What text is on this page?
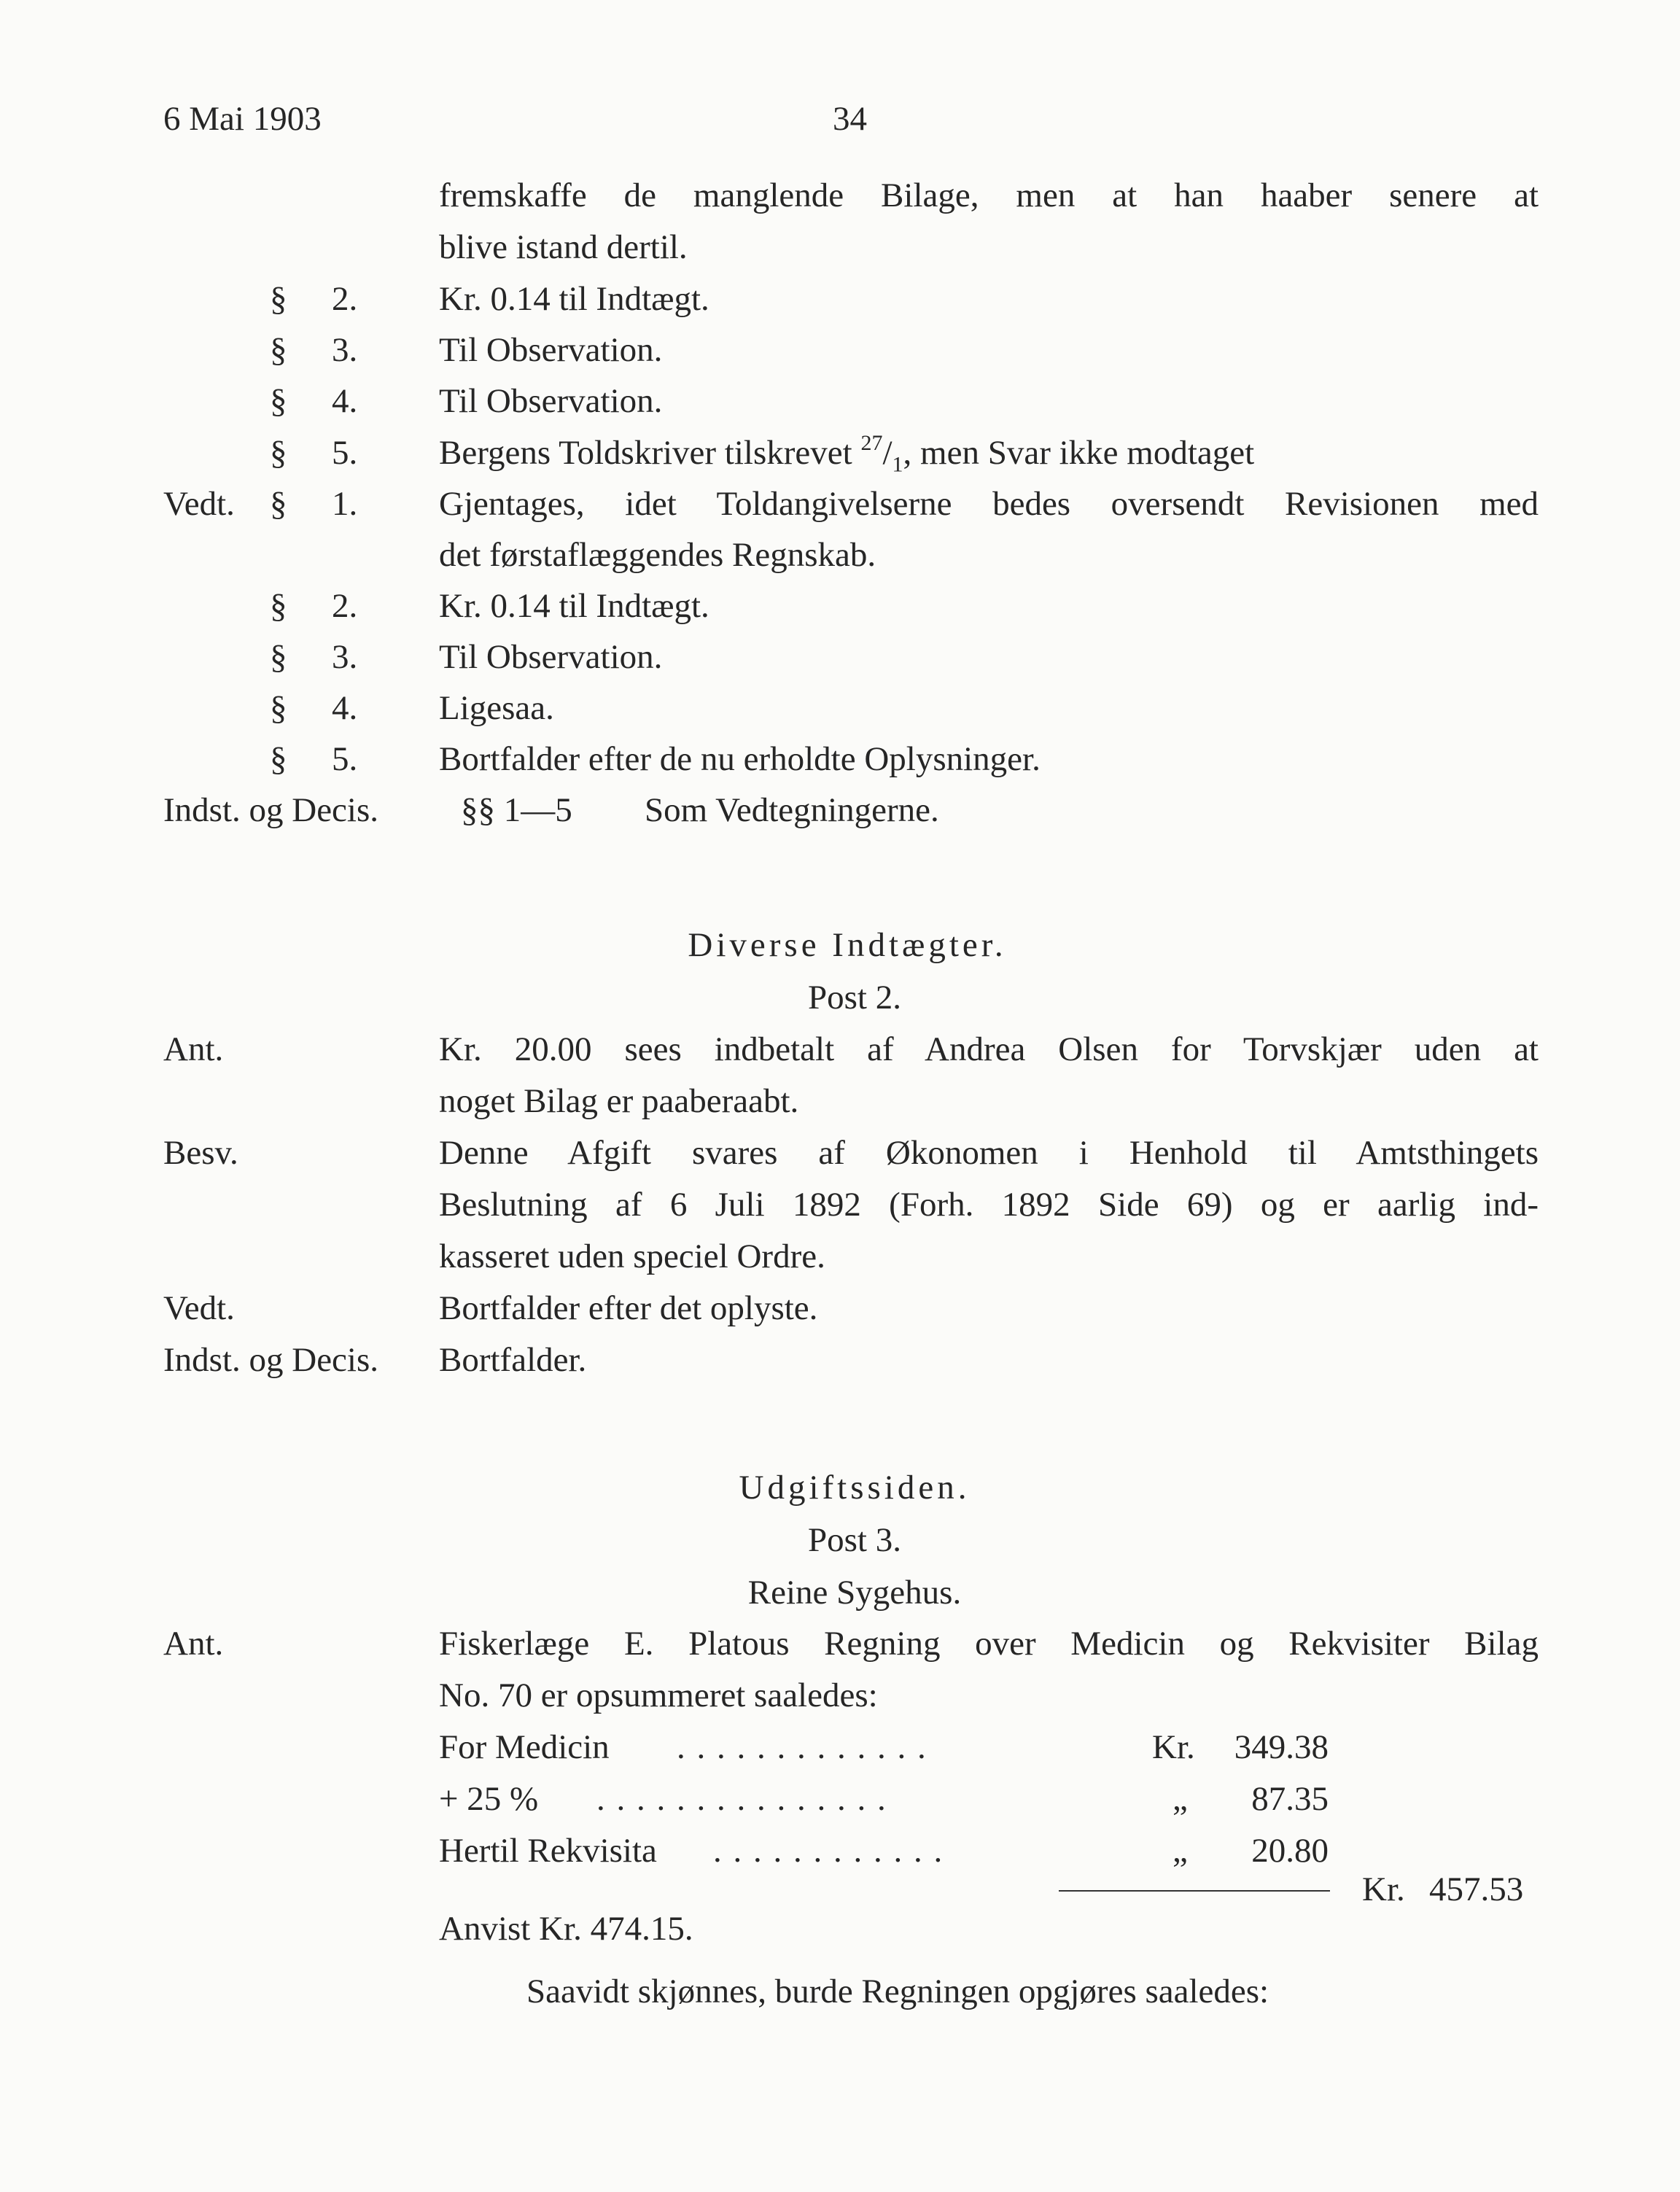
6 Mai 1903	34
fremskaffe de manglende Bilage, men at han haaber senere at
blive istand dertil.
§ 2. Kr. 0.14 til Indtægt.
§ 3. Til Observation.
§ 4. Til Observation.
§ 5. Bergens Toldskriver tilskrevet $^{27}/_1$, men Svar ikke modtaget
Vedt. § 1. Gjentages, idet Toldangivelserne bedes oversendt Revisionen med
det førstaflæggendes Regnskab.
§ 2. Kr. 0.14 til Indtægt.
§ 3. Til Observation.
§ 4. Ligesaa.
§ 5. Bortfalder efter de nu erholdte Oplysninger.
Indst. og Decis. §§ 1—5 Som Vedtegningerne.
Diverse Indtægter.
Post 2.
Ant.	Kr. 20.00 sees indbetalt af Andrea Olsen for Torvskjær uden at
noget Bilag er paaberaabt.
Besv.	Denne Afgift svares af Økonomen i Henhold til Amtsthingets
Beslutning af 6 Juli 1892 (Forh. 1892 Side 69) og er aarlig ind-
kasseret uden speciel Ordre.
Vedt.	Bortfalder efter det oplyste.
Indst. og Decis. Bortfalder.
Udgiftssiden.
Post 3.
Reine Sygehus.
Ant.	Fiskerlæge E. Platous Regning over Medicin og Rekvisiter Bilag
No. 70 er opsummeret saaledes:
For Medicin . . . . . . . . . . . . .	Kr.	349.38
+ 25 % . . . . . . . . . . . . . . .	„	87.35
Hertil Rekvisita . . . . . . . . . . . .	„	20.80
Kr. 457.53
Anvist Kr. 474.15.
Saavidt skjønnes, burde Regningen opgjøres saaledes:
